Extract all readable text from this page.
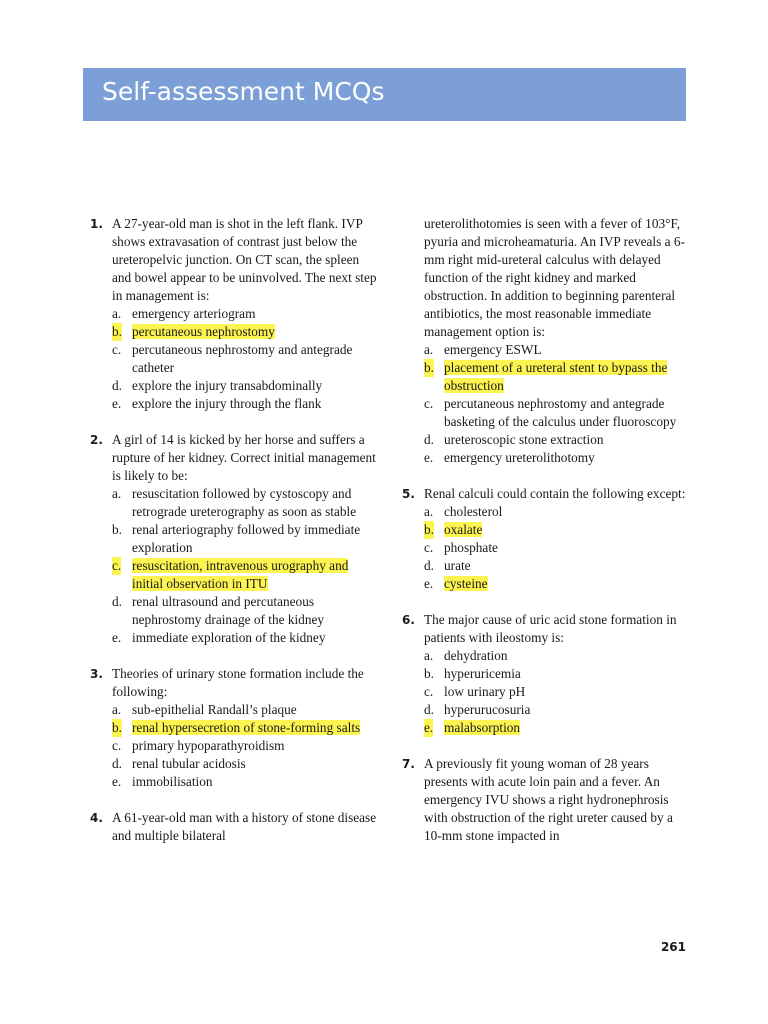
Self-assessment MCQs
1. A 27-year-old man is shot in the left flank. IVP shows extravasation of contrast just below the ureteropelvic junction. On CT scan, the spleen and bowel appear to be uninvolved. The next step in management is:
a. emergency arteriogram
b. percutaneous nephrostomy
c. percutaneous nephrostomy and antegrade catheter
d. explore the injury transabdominally
e. explore the injury through the flank
2. A girl of 14 is kicked by her horse and suffers a rupture of her kidney. Correct initial management is likely to be:
a. resuscitation followed by cystoscopy and retrograde ureterography as soon as stable
b. renal arteriography followed by immediate exploration
c. resuscitation, intravenous urography and initial observation in ITU
d. renal ultrasound and percutaneous nephrostomy drainage of the kidney
e. immediate exploration of the kidney
3. Theories of urinary stone formation include the following:
a. sub-epithelial Randall’s plaque
b. renal hypersecretion of stone-forming salts
c. primary hypoparathyroidism
d. renal tubular acidosis
e. immobilisation
4. A 61-year-old man with a history of stone disease and multiple bilateral
ureterolithotomies is seen with a fever of 103°F, pyuria and microheamaturia. An IVP reveals a 6-mm right mid-ureteral calculus with delayed function of the right kidney and marked obstruction. In addition to beginning parenteral antibiotics, the most reasonable immediate management option is:
a. emergency ESWL
b. placement of a ureteral stent to bypass the obstruction
c. percutaneous nephrostomy and antegrade basketing of the calculus under fluoroscopy
d. ureteroscopic stone extraction
e. emergency ureterolithotomy
5. Renal calculi could contain the following except:
a. cholesterol
b. oxalate
c. phosphate
d. urate
e. cysteine
6. The major cause of uric acid stone formation in patients with ileostomy is:
a. dehydration
b. hyperuricemia
c. low urinary pH
d. hyperurucosuria
e. malabsorption
7. A previously fit young woman of 28 years presents with acute loin pain and a fever. An emergency IVU shows a right hydronephrosis with obstruction of the right ureter caused by a 10-mm stone impacted in
261
